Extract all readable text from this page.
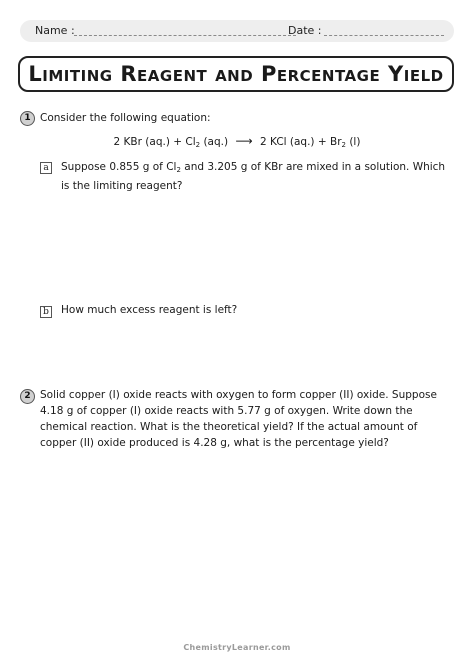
Name :	Date :
Limiting Reagent and Percentage Yield
1 Consider the following equation:
2 KBr $(aq.) + Cl_2$ (aq.) ⟶ 2 KCl $(aq.) + Br_2$ (l)
a	Suppose 0.855 g of $Cl_2$ and 3.205 g of KBr are mixed in a solution. Which is the limiting reagent?
b How much excess reagent is left?
2 Solid copper (I) oxide reacts with oxygen to form copper (II) oxide. Suppose 4.18 g of copper (I) oxide reacts with 5.77 g of oxygen. Write down the chemical reaction. What is the theoretical yield? If the actual amount of copper (II) oxide produced is 4.28 g, what is the percentage yield?
ChemistryLearner.com
